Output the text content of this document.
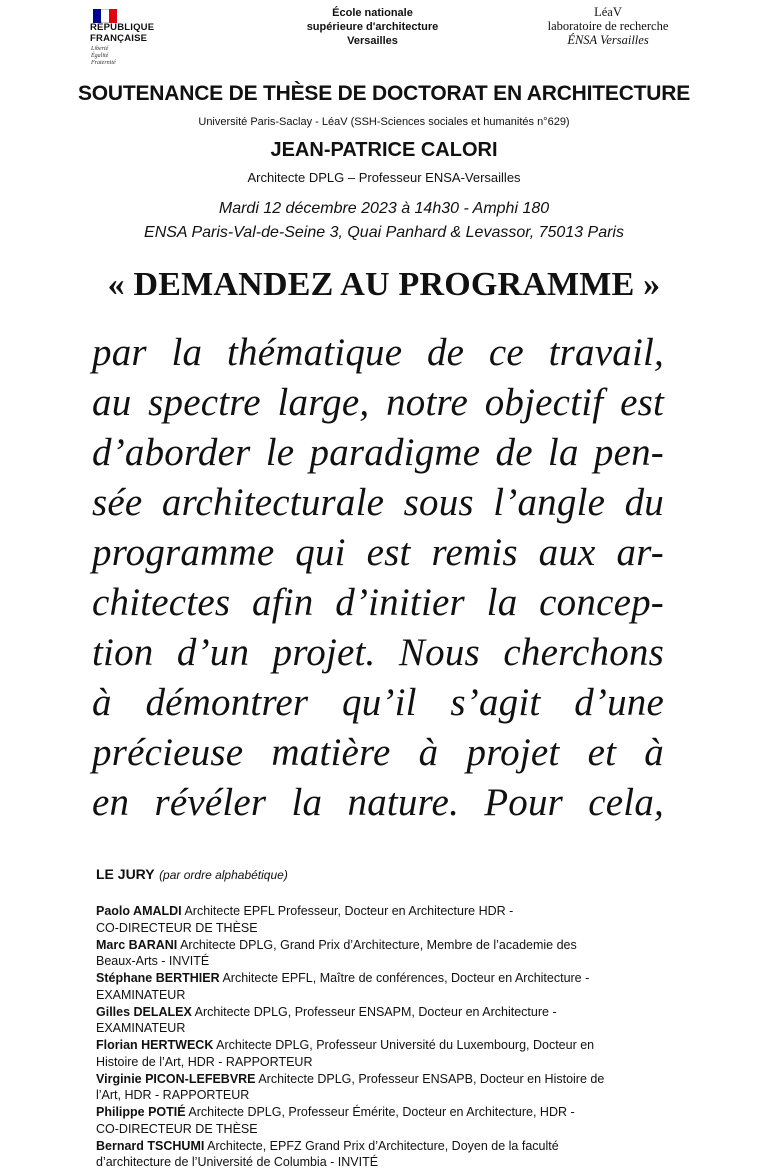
RÉPUBLIQUE
FRANÇAISE
Liberté
Égalité
Fraternité
École nationale
supérieure d'architecture
Versailles
LéaV
laboratoire de recherche
ÉNSA Versailles
SOUTENANCE DE THÈSE DE DOCTORAT EN ARCHITECTURE
Université Paris-Saclay - LéaV (SSH-Sciences sociales et humanités n°629)
JEAN-PATRICE CALORI
Architecte DPLG – Professeur ENSA-Versailles
Mardi 12 décembre 2023 à 14h30 - Amphi 180
ENSA Paris-Val-de-Seine 3, Quai Panhard & Levassor, 75013 Paris
« DEMANDEZ AU PROGRAMME »
par la thématique de ce travail,
au spectre large, notre objectif est
d’aborder le paradigme de la pen-
sée architecturale sous l’angle du
programme qui est remis aux ar-
chitectes afin d’initier la concep-
tion d’un projet. Nous cherchons
à démontrer qu’il s’agit d’une
précieuse matière à projet et à
en révéler la nature. Pour cela,
LE JURY (par ordre alphabétique)
Paolo AMALDI Architecte EPFL Professeur, Docteur en Architecture HDR -
CO-DIRECTEUR DE THÈSE
Marc BARANI Architecte DPLG, Grand Prix d’Architecture, Membre de l’academie des
Beaux-Arts - INVITÉ
Stéphane BERTHIER Architecte EPFL, Maître de conférences, Docteur en Architecture -
EXAMINATEUR
Gilles DELALEX Architecte DPLG, Professeur ENSAPM, Docteur en Architecture -
EXAMINATEUR
Florian HERTWECK Architecte DPLG, Professeur Université du Luxembourg, Docteur en
Histoire de l’Art, HDR - RAPPORTEUR
Virginie PICON-LEFEBVRE Architecte DPLG, Professeur ENSAPB, Docteur en Histoire de
l’Art, HDR - RAPPORTEUR
Philippe POTIÉ Architecte DPLG, Professeur Émérite, Docteur en Architecture, HDR -
CO-DIRECTEUR DE THÈSE
Bernard TSCHUMI Architecte, EPFZ Grand Prix d’Architecture, Doyen de la faculté
d’architecture de l’Université de Columbia - INVITÉ
